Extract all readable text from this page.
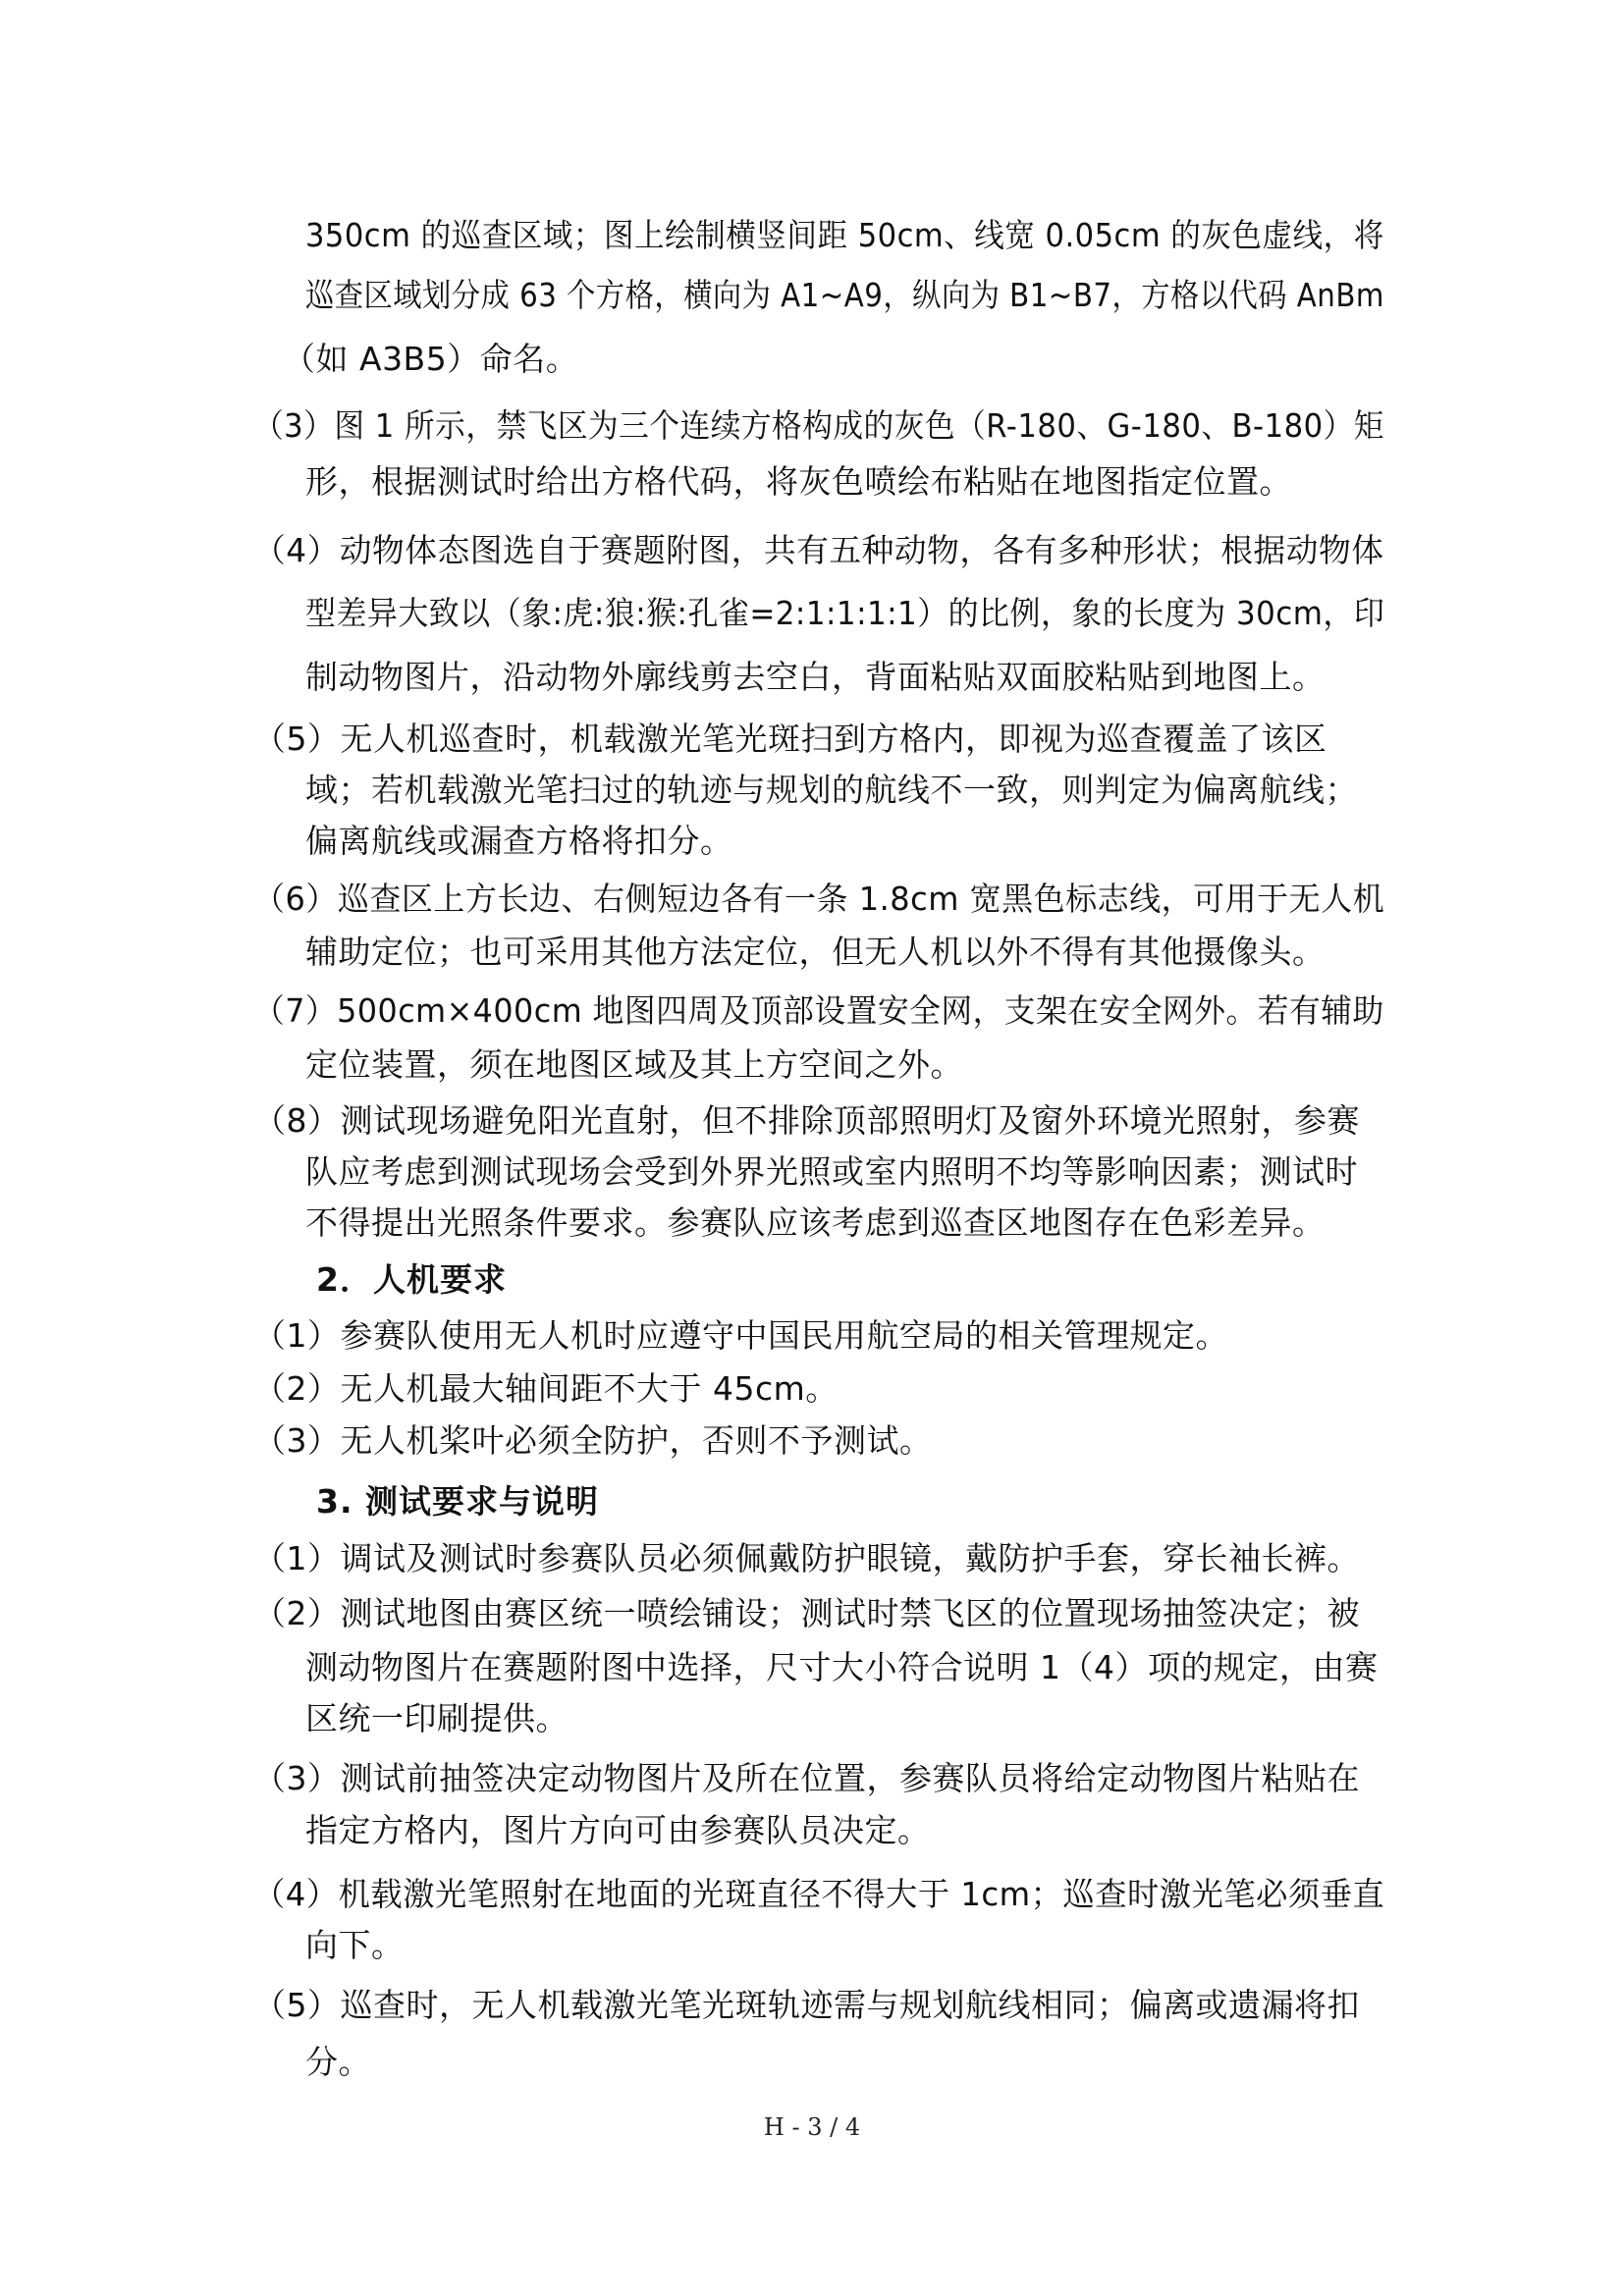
350cm 的巡查区域；图上绘制横竖间距 50cm、线宽 0.05cm 的灰色虚线，将
巡查区域划分成 63 个方格，横向为 A1~A9，纵向为 B1~B7，方格以代码 AnBm
（如 A3B5）命名。
（3）图 1 所示，禁飞区为三个连续方格构成的灰色（R-180、G-180、B-180）矩
形，根据测试时给出方格代码，将灰色喷绘布粘贴在地图指定位置。
（4）动物体态图选自于赛题附图，共有五种动物，各有多种形状；根据动物体
型差异大致以（象:虎:狼:猴:孔雀=2:1:1:1:1）的比例，象的长度为 30cm，印
制动物图片，沿动物外廓线剪去空白，背面粘贴双面胶粘贴到地图上。
（5）无人机巡查时，机载激光笔光斑扫到方格内，即视为巡查覆盖了该区
域；若机载激光笔扫过的轨迹与规划的航线不一致，则判定为偏离航线；
偏离航线或漏查方格将扣分。
（6）巡查区上方长边、右侧短边各有一条 1.8cm 宽黑色标志线，可用于无人机
辅助定位；也可采用其他方法定位，但无人机以外不得有其他摄像头。
（7）500cm×400cm 地图四周及顶部设置安全网，支架在安全网外。若有辅助
定位装置，须在地图区域及其上方空间之外。
（8）测试现场避免阳光直射，但不排除顶部照明灯及窗外环境光照射，参赛
队应考虑到测试现场会受到外界光照或室内照明不均等影响因素；测试时
不得提出光照条件要求。参赛队应该考虑到巡查区地图存在色彩差异。
2．人机要求
（1）参赛队使用无人机时应遵守中国民用航空局的相关管理规定。
（2）无人机最大轴间距不大于 45cm。
（3）无人机桨叶必须全防护，否则不予测试。
3. 测试要求与说明
（1）调试及测试时参赛队员必须佩戴防护眼镜，戴防护手套，穿长袖长裤。
（2）测试地图由赛区统一喷绘铺设；测试时禁飞区的位置现场抽签决定；被
测动物图片在赛题附图中选择，尺寸大小符合说明 1（4）项的规定，由赛
区统一印刷提供。
（3）测试前抽签决定动物图片及所在位置，参赛队员将给定动物图片粘贴在
指定方格内，图片方向可由参赛队员决定。
（4）机载激光笔照射在地面的光斑直径不得大于 1cm；巡查时激光笔必须垂直
向下。
（5）巡查时，无人机载激光笔光斑轨迹需与规划航线相同；偏离或遗漏将扣
分。
H - 3 / 4
